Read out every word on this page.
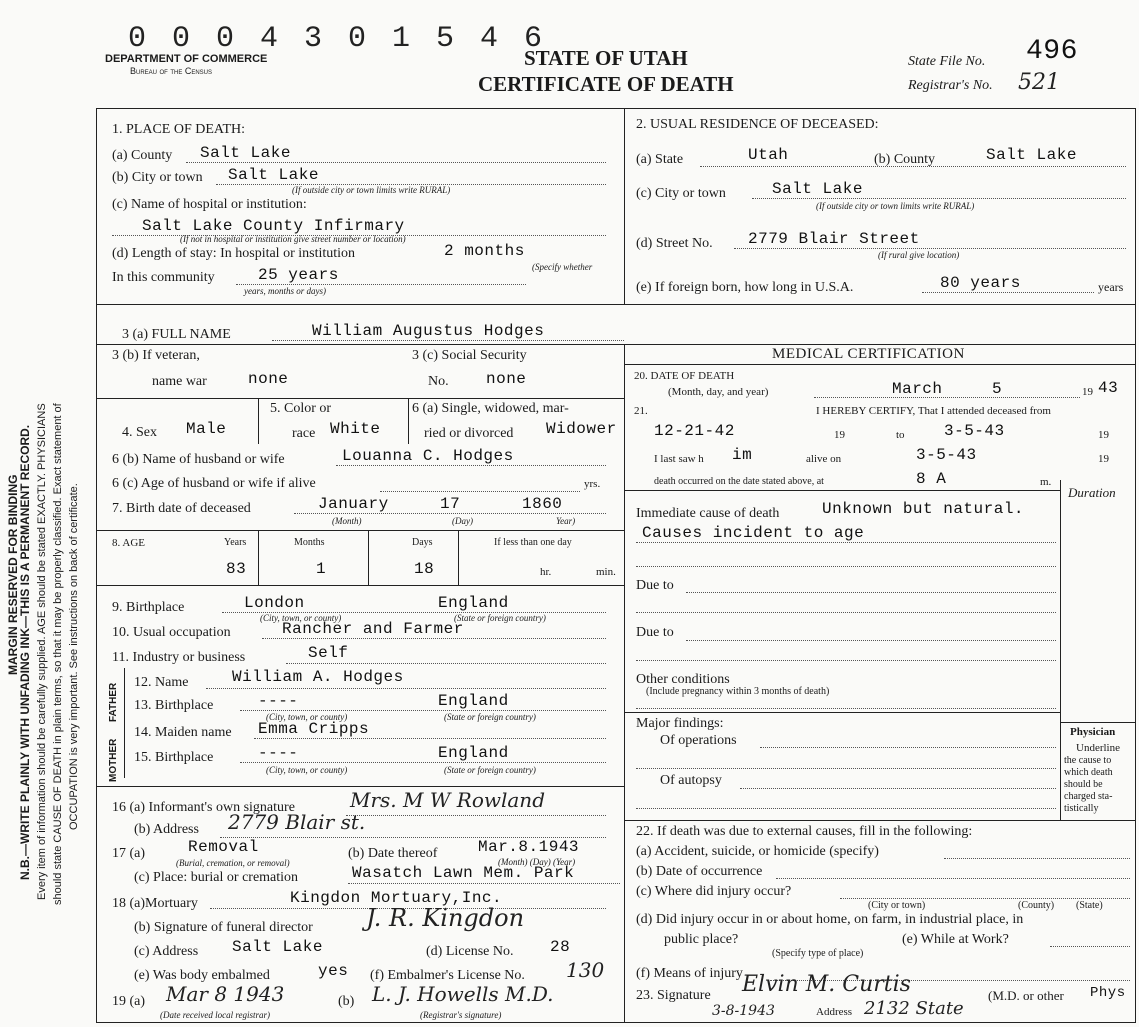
0 0 0 4 3 0 1 5 4 6
DEPARTMENT OF COMMERCE
Bureau of the Census
STATE OF UTAH
CERTIFICATE OF DEATH
State File No. 496
Registrar's No. 521
MARGIN RESERVED FOR BINDING
N.B.—WRITE PLAINLY WITH UNFADING INK—THIS IS A PERMANENT RECORD. Every item of information should be carefully supplied. AGE should be stated EXACTLY. PHYSICIANS should state CAUSE OF DEATH in plain terms, so that it may be properly classified. Exact statement of OCCUPATION is very important. See instructions on back of certificate.
1. PLACE OF DEATH:
(a) County Salt Lake
(b) City or town Salt Lake
(If outside city or town limits write RURAL)
(c) Name of hospital or institution:
Salt Lake County Infirmary
(If not in hospital or institution give street number or location)
(d) Length of stay: In hospital or institution	2 months
(Specify whether
In this community	25 years
years, months or days)
2. USUAL RESIDENCE OF DECEASED:
(a) State	Utah	(b) County	Salt Lake
(c) City or town	Salt Lake
(If outside city or town limits write RURAL)
(d) Street No. 2779 Blair Street
(If rural give location)
(e) If foreign born, how long in U.S.A.	80 years	years
3 (a) FULL NAME	William Augustus Hodges
3 (b) If veteran,
name war	none
3 (c) Social Security
No. none
4. Sex Male
5. Color or
race White
6 (a) Single, widowed, mar-
ried or divorced Widower
6 (b) Name of husband or wife	Louanna C. Hodges
6 (c) Age of husband or wife if alive	yrs.
7. Birth date of deceased	January	17	1860
(Month)	(Day)	Year)
8. AGE	Years	Months	Days	If less than one day
83	1	18	hr.	min.
9. Birthplace	London	England
(City, town, or county)	(State or foreign country)
10. Usual occupation	Rancher and Farmer
11. Industry or business	Self
FATHER
MOTHER
12. Name	William A. Hodges
13. Birthplace	----	England
(City, town, or county)	(State or foreign country)
14. Maiden name Emma Cripps
15. Birthplace	----	England
(City, town, or county)	(State or foreign country)
16 (a) Informant's own signature	Mrs. M W Rowland
(b) Address 2779 Blair st.
17 (a)	Removal
(Burial, cremation, or removal)
(b) Date thereof	Mar.8.1943
(Month) (Day) (Year)
(c) Place: burial or cremation	Wasatch Lawn Mem. Park
18 (a)Mortuary	Kingdon Mortuary,Inc.
(b) Signature of funeral director J. R. Kingdon
(c) Address Salt Lake	(d) License No. 28
(e) Was body embalmed	yes (f) Embalmer's License No. 130
19 (a) Mar 8 1943
(Date received local registrar)
(b) L. J. Howells M.D.
(Registrar's signature)
MEDICAL CERTIFICATION
20. DATE OF DEATH
(Month, day, and year)	March	5	19 43
21.	I HEREBY CERTIFY, That I attended deceased from
12-21-42	19	to 3-5-43	19
I last saw h im	alive on	3-5-43	19
death occurred on the date stated above, at	8 A	m.
Duration
Immediate cause of death	Unknown but natural.
Causes incident to age
Due to
Due to
Other conditions
(Include pregnancy within 3 months of death)
Major findings:
Of operations
Of autopsy
Physician
Underline
the cause to
which death
should be
charged sta-
tistically
22. If death was due to external causes, fill in the following:
(a) Accident, suicide, or homicide (specify)
(b) Date of occurrence
(c) Where did injury occur?
(City or town)	(County) (State)
(d) Did injury occur in or about home, on farm, in industrial place, in
public place?
(Specify type of place)
(e) While at Work?
(f) Means of injury
23. Signature Elvin M. Curtis	(M.D. or other Phys
3-8-1943	Address 2132 State
